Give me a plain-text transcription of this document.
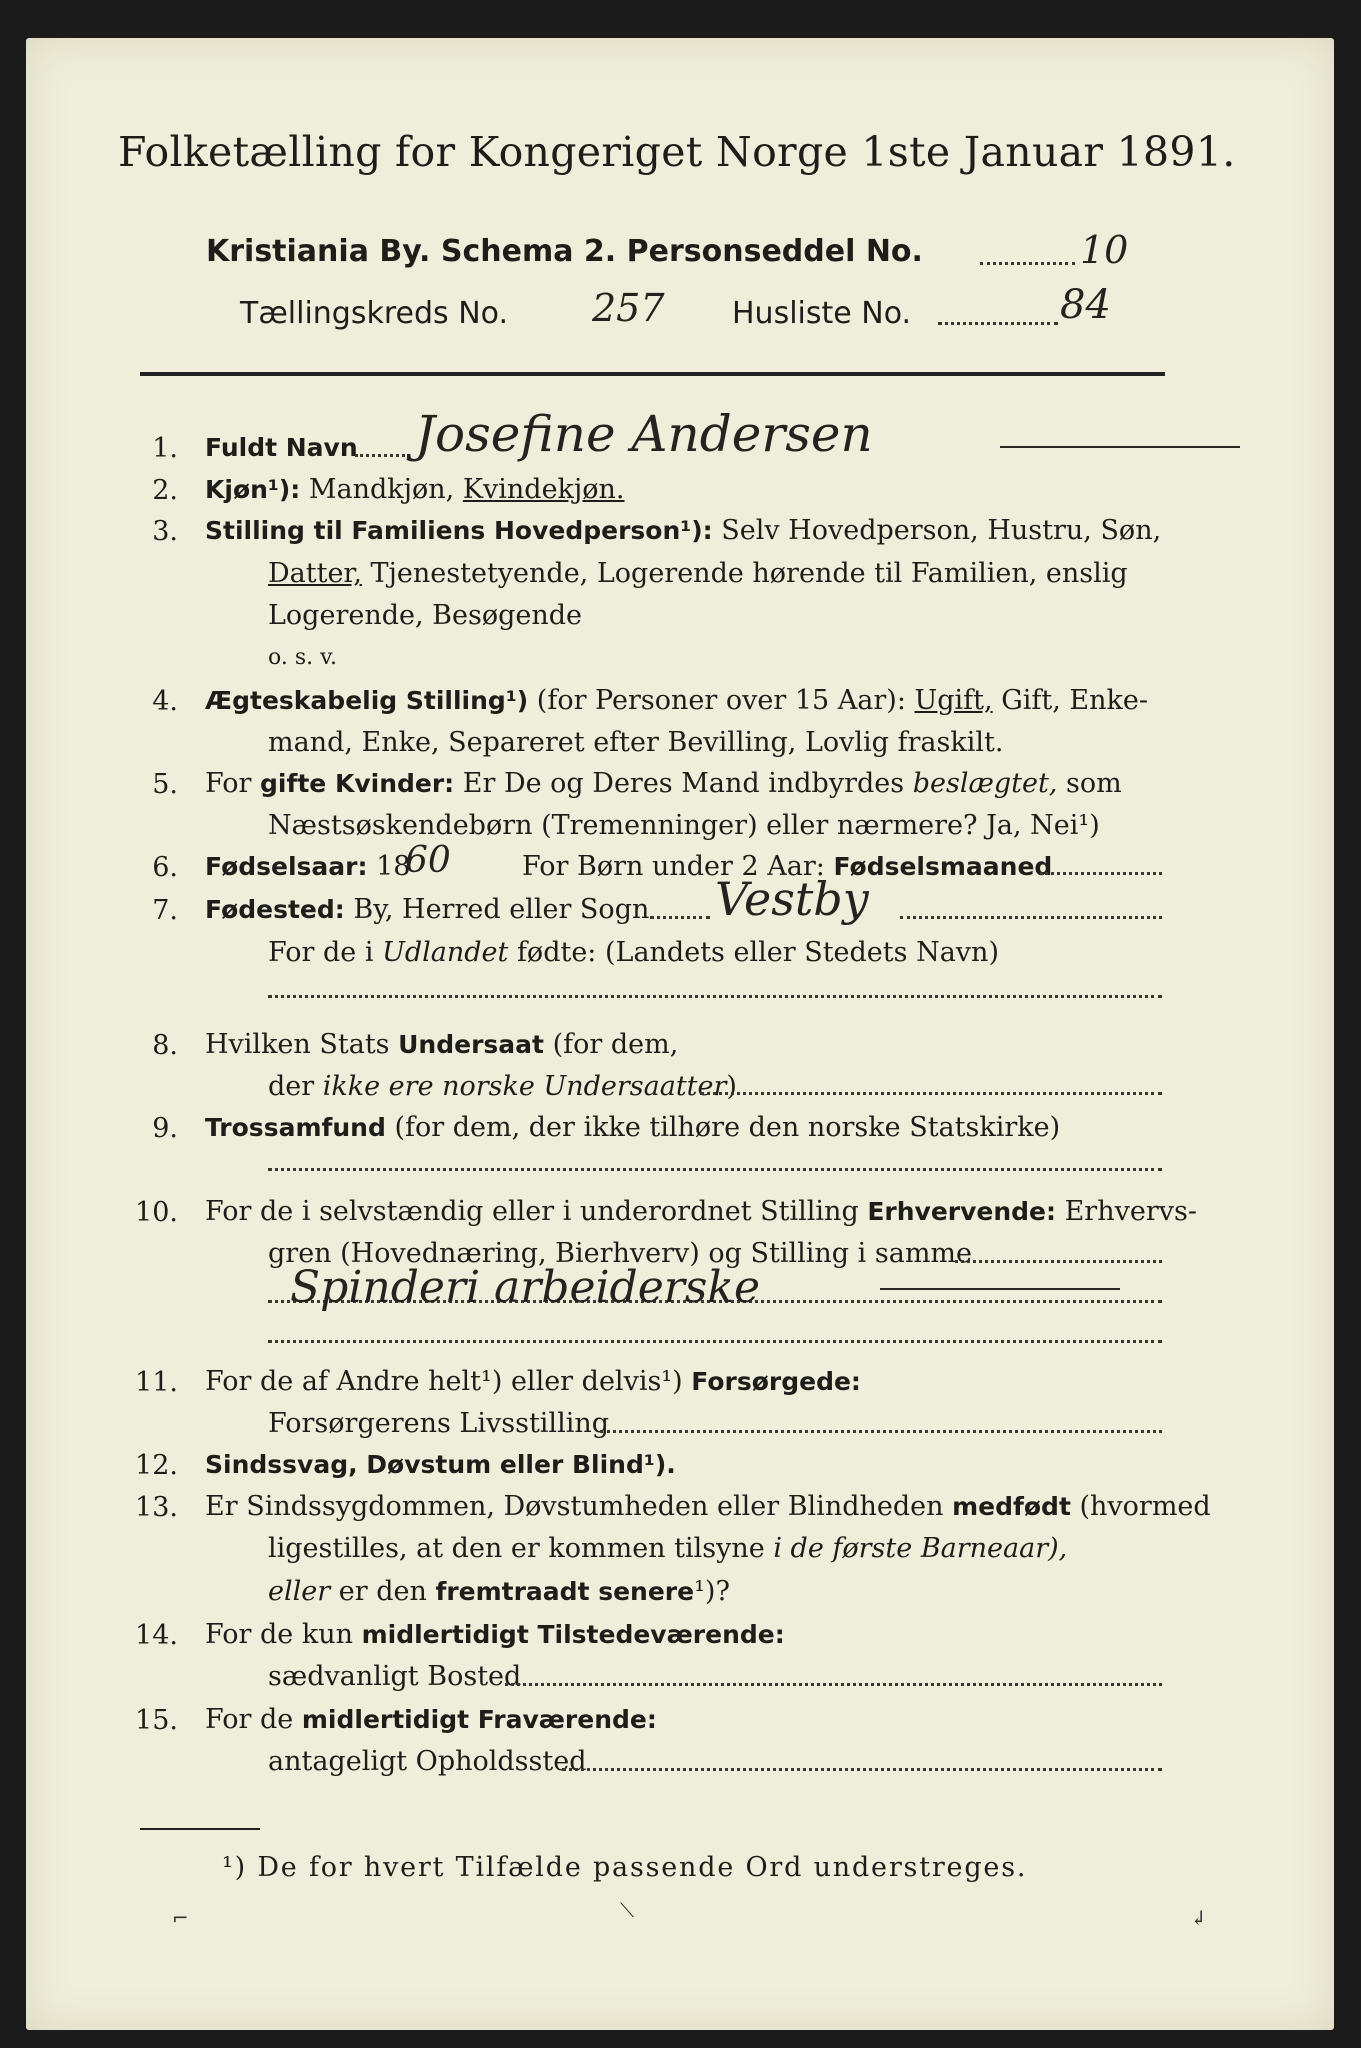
Folketælling for Kongeriget Norge 1ste Januar 1891.
Kristiania By. Schema 2. Personseddel No.	10
Tællingskreds No. 257 Husliste No.	84
1. Fuldt Navn Josefine Andersen
2. Kjøn¹): Mandkjøn, Kvindekjøn.
3. Stilling til Familiens Hovedperson¹): Selv Hovedperson, Hustru, Søn,
Datter, Tjenestetyende, Logerende hørende til Familien, enslig
Logerende, Besøgende
o. s. v.
4. Ægteskabelig Stilling¹) (for Personer over 15 Aar): Ugift, Gift, Enke-
mand, Enke, Separeret efter Bevilling, Lovlig fraskilt.
5. For gifte Kvinder: Er De og Deres Mand indbyrdes beslægtet, som
Næstsøskendebørn (Tremenninger) eller nærmere? Ja, Nei¹)
6. Fødselsaar: 18
60	For Børn under 2 Aar: Fødselsmaaned
7. Fødested: By, Herred eller Sogn Vestby
For de i Udlandet fødte: (Landets eller Stedets Navn)
8. Hvilken Stats Undersaat (for dem,
der ikke ere norske Undersaatter)
9. Trossamfund (for dem, der ikke tilhøre den norske Statskirke)
10. For de i selvstændig eller i underordnet Stilling Erhvervende: Erhvervs-
gren (Hovednæring, Bierhverv) og Stilling i samme
Spinderi arbeiderske
11. For de af Andre helt¹) eller delvis¹) Forsørgede:
Forsørgerens Livsstilling
12. Sindssvag, Døvstum eller Blind¹).
13. Er Sindssygdommen, Døvstumheden eller Blindheden medfødt (hvormed
ligestilles, at den er kommen tilsyne i de første Barneaar),
eller er den fremtraadt senere¹)?
14. For de kun midlertidigt Tilstedeværende:
sædvanligt Bosted
15. For de midlertidigt Fraværende:
antageligt Opholdssted
¹) De for hvert Tilfælde passende Ord understreges.
⌐	⟍	↲
